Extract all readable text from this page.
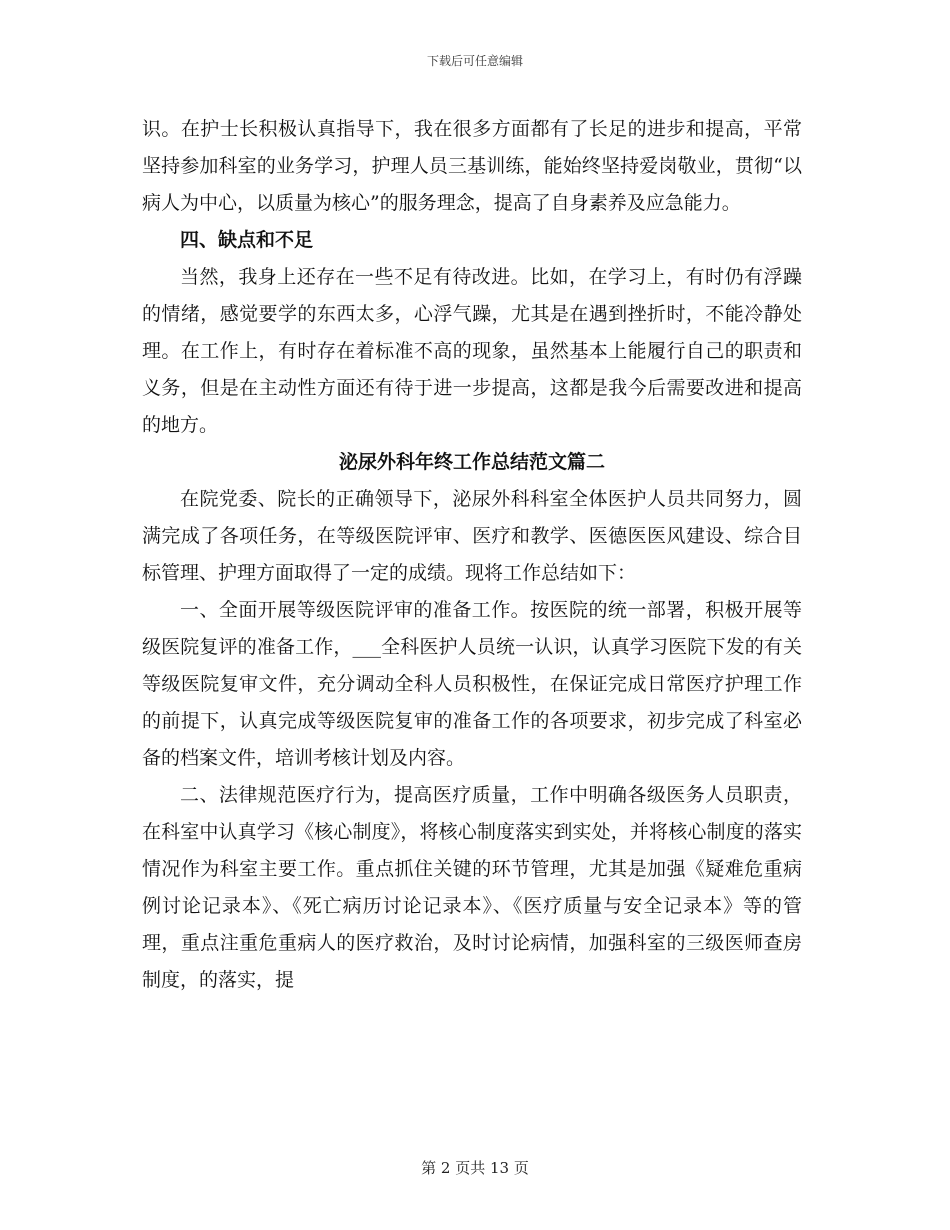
下载后可任意编辑

识。在护士长积极认真指导下，我在很多方面都有了长足的进步和提高，平常坚持参加科室的业务学习，护理人员三基训练，能始终坚持爱岗敬业，贯彻“以病人为中心，以质量为核心”的服务理念，提高了自身素养及应急能力。

四、缺点和不足

当然，我身上还存在一些不足有待改进。比如，在学习上，有时仍有浮躁的情绪，感觉要学的东西太多，心浮气躁，尤其是在遇到挫折时，不能冷静处理。在工作上，有时存在着标准不高的现象，虽然基本上能履行自己的职责和义务，但是在主动性方面还有待于进一步提高，这都是我今后需要改进和提高的地方。

泌尿外科年终工作总结范文篇二

在院党委、院长的正确领导下，泌尿外科科室全体医护人员共同努力，圆满完成了各项任务，在等级医院评审、医疗和教学、医德医医风建设、综合目标管理、护理方面取得了一定的成绩。现将工作总结如下：

一、全面开展等级医院评审的准备工作。按医院的统一部署，积极开展等级医院复评的准备工作，___全科医护人员统一认识，认真学习医院下发的有关等级医院复审文件，充分调动全科人员积极性，在保证完成日常医疗护理工作的前提下，认真完成等级医院复审的准备工作的各项要求，初步完成了科室必备的档案文件，培训考核计划及内容。

二、法律规范医疗行为，提高医疗质量，工作中明确各级医务人员职责，在科室中认真学习《核心制度》，将核心制度落实到实处，并将核心制度的落实情况作为科室主要工作。重点抓住关键的环节管理，尤其是加强《疑难危重病例讨论记录本》、《死亡病历讨论记录本》、《医疗质量与安全记录本》等的管理，重点注重危重病人的医疗救治，及时讨论病情，加强科室的三级医师查房制度，的落实，提

第 2 页共 13 页
